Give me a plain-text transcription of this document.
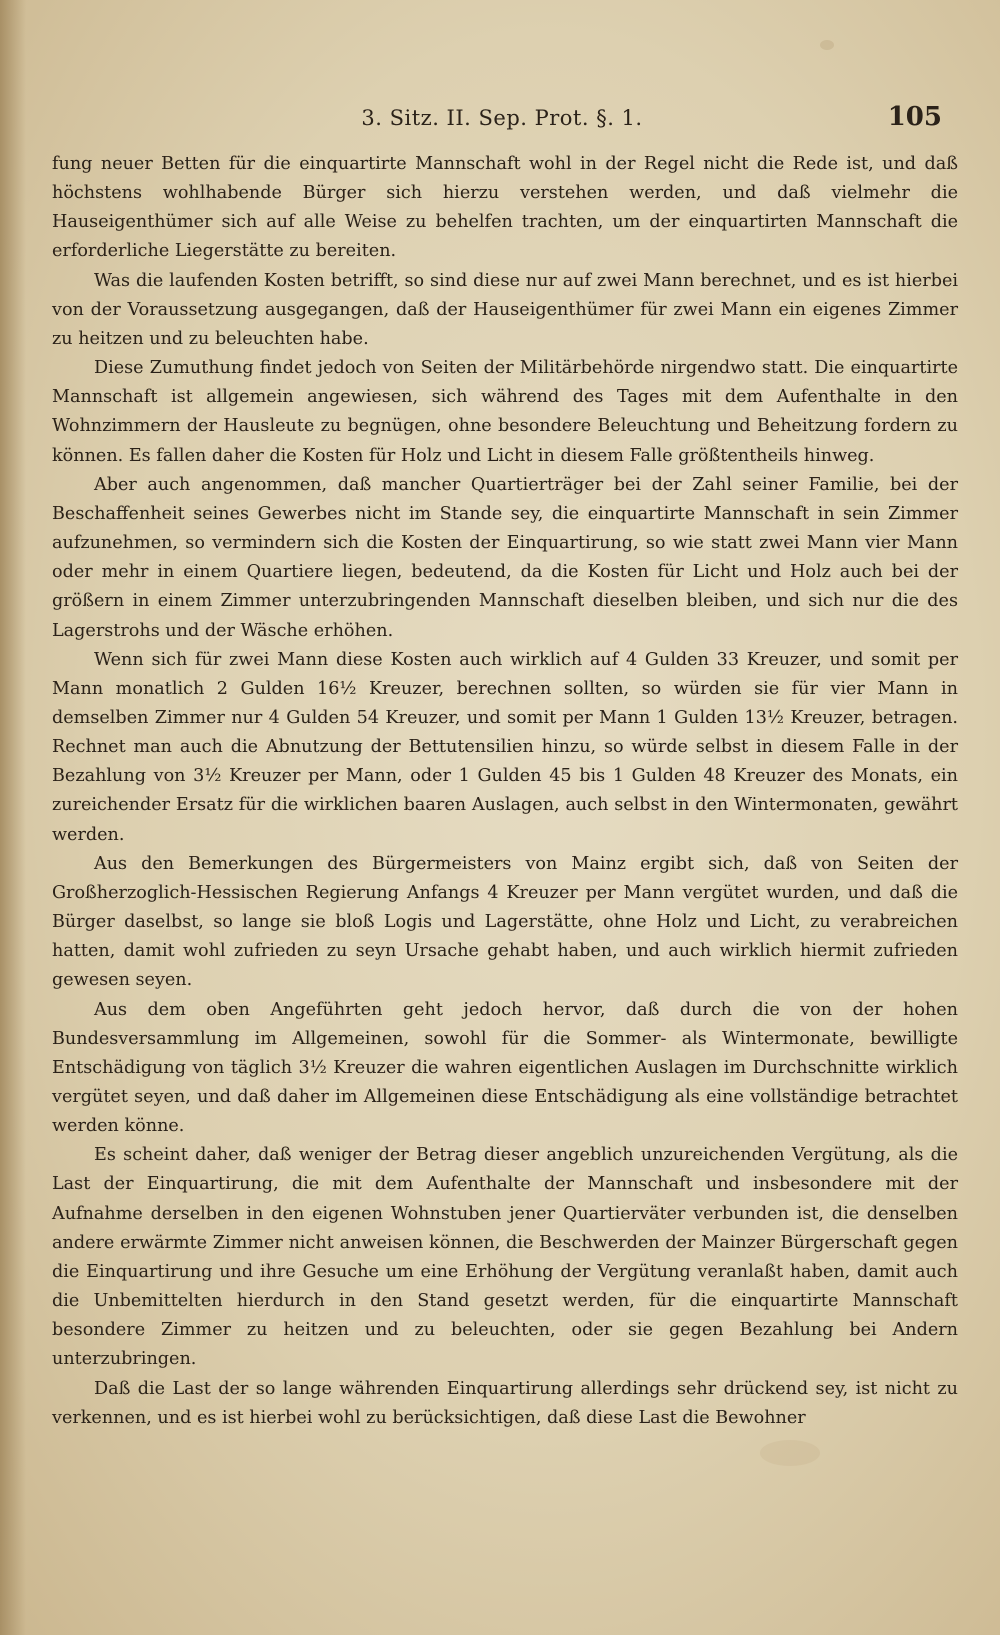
3. Sitz. II. Sep. Prot. §. 1.	105

fung neuer Betten für die einquartirte Mannschaft wohl in der Regel nicht die Rede ist, und daß höchstens wohlhabende Bürger sich hierzu verstehen werden, und daß vielmehr die Hauseigenthümer sich auf alle Weise zu behelfen trachten, um der einquartirten Mannschaft die erforderliche Liegerstätte zu bereiten.

Was die laufenden Kosten betrifft, so sind diese nur auf zwei Mann berechnet, und es ist hierbei von der Voraussetzung ausgegangen, daß der Hauseigenthümer für zwei Mann ein eigenes Zimmer zu heitzen und zu beleuchten habe.

Diese Zumuthung findet jedoch von Seiten der Militärbehörde nirgendwo statt. Die einquartirte Mannschaft ist allgemein angewiesen, sich während des Tages mit dem Aufenthalte in den Wohnzimmern der Hausleute zu begnügen, ohne besondere Beleuchtung und Beheitzung fordern zu können. Es fallen daher die Kosten für Holz und Licht in diesem Falle größtentheils hinweg.

Aber auch angenommen, daß mancher Quartierträger bei der Zahl seiner Familie, bei der Beschaffenheit seines Gewerbes nicht im Stande sey, die einquartirte Mannschaft in sein Zimmer aufzunehmen, so vermindern sich die Kosten der Einquartirung, so wie statt zwei Mann vier Mann oder mehr in einem Quartiere liegen, bedeutend, da die Kosten für Licht und Holz auch bei der größern in einem Zimmer unterzubringenden Mannschaft dieselben bleiben, und sich nur die des Lagerstrohs und der Wäsche erhöhen.

Wenn sich für zwei Mann diese Kosten auch wirklich auf 4 Gulden 33 Kreuzer, und somit per Mann monatlich 2 Gulden 16½ Kreuzer, berechnen sollten, so würden sie für vier Mann in demselben Zimmer nur 4 Gulden 54 Kreuzer, und somit per Mann 1 Gulden 13½ Kreuzer, betragen. Rechnet man auch die Abnutzung der Bettutensilien hinzu, so würde selbst in diesem Falle in der Bezahlung von 3½ Kreuzer per Mann, oder 1 Gulden 45 bis 1 Gulden 48 Kreuzer des Monats, ein zureichender Ersatz für die wirklichen baaren Auslagen, auch selbst in den Wintermonaten, gewährt werden.

Aus den Bemerkungen des Bürgermeisters von Mainz ergibt sich, daß von Seiten der Großherzoglich-Hessischen Regierung Anfangs 4 Kreuzer per Mann vergütet wurden, und daß die Bürger daselbst, so lange sie bloß Logis und Lagerstätte, ohne Holz und Licht, zu verabreichen hatten, damit wohl zufrieden zu seyn Ursache gehabt haben, und auch wirklich hiermit zufrieden gewesen seyen.

Aus dem oben Angeführten geht jedoch hervor, daß durch die von der hohen Bundesversammlung im Allgemeinen, sowohl für die Sommer- als Wintermonate, bewilligte Entschädigung von täglich 3½ Kreuzer die wahren eigentlichen Auslagen im Durchschnitte wirklich vergütet seyen, und daß daher im Allgemeinen diese Entschädigung als eine vollständige betrachtet werden könne.

Es scheint daher, daß weniger der Betrag dieser angeblich unzureichenden Vergütung, als die Last der Einquartirung, die mit dem Aufenthalte der Mannschaft und insbesondere mit der Aufnahme derselben in den eigenen Wohnstuben jener Quartierväter verbunden ist, die denselben andere erwärmte Zimmer nicht anweisen können, die Beschwerden der Mainzer Bürgerschaft gegen die Einquartirung und ihre Gesuche um eine Erhöhung der Vergütung veranlaßt haben, damit auch die Unbemittelten hierdurch in den Stand gesetzt werden, für die einquartirte Mannschaft besondere Zimmer zu heitzen und zu beleuchten, oder sie gegen Bezahlung bei Andern unterzubringen.

Daß die Last der so lange währenden Einquartirung allerdings sehr drückend sey, ist nicht zu verkennen, und es ist hierbei wohl zu berücksichtigen, daß diese Last die Bewohner
